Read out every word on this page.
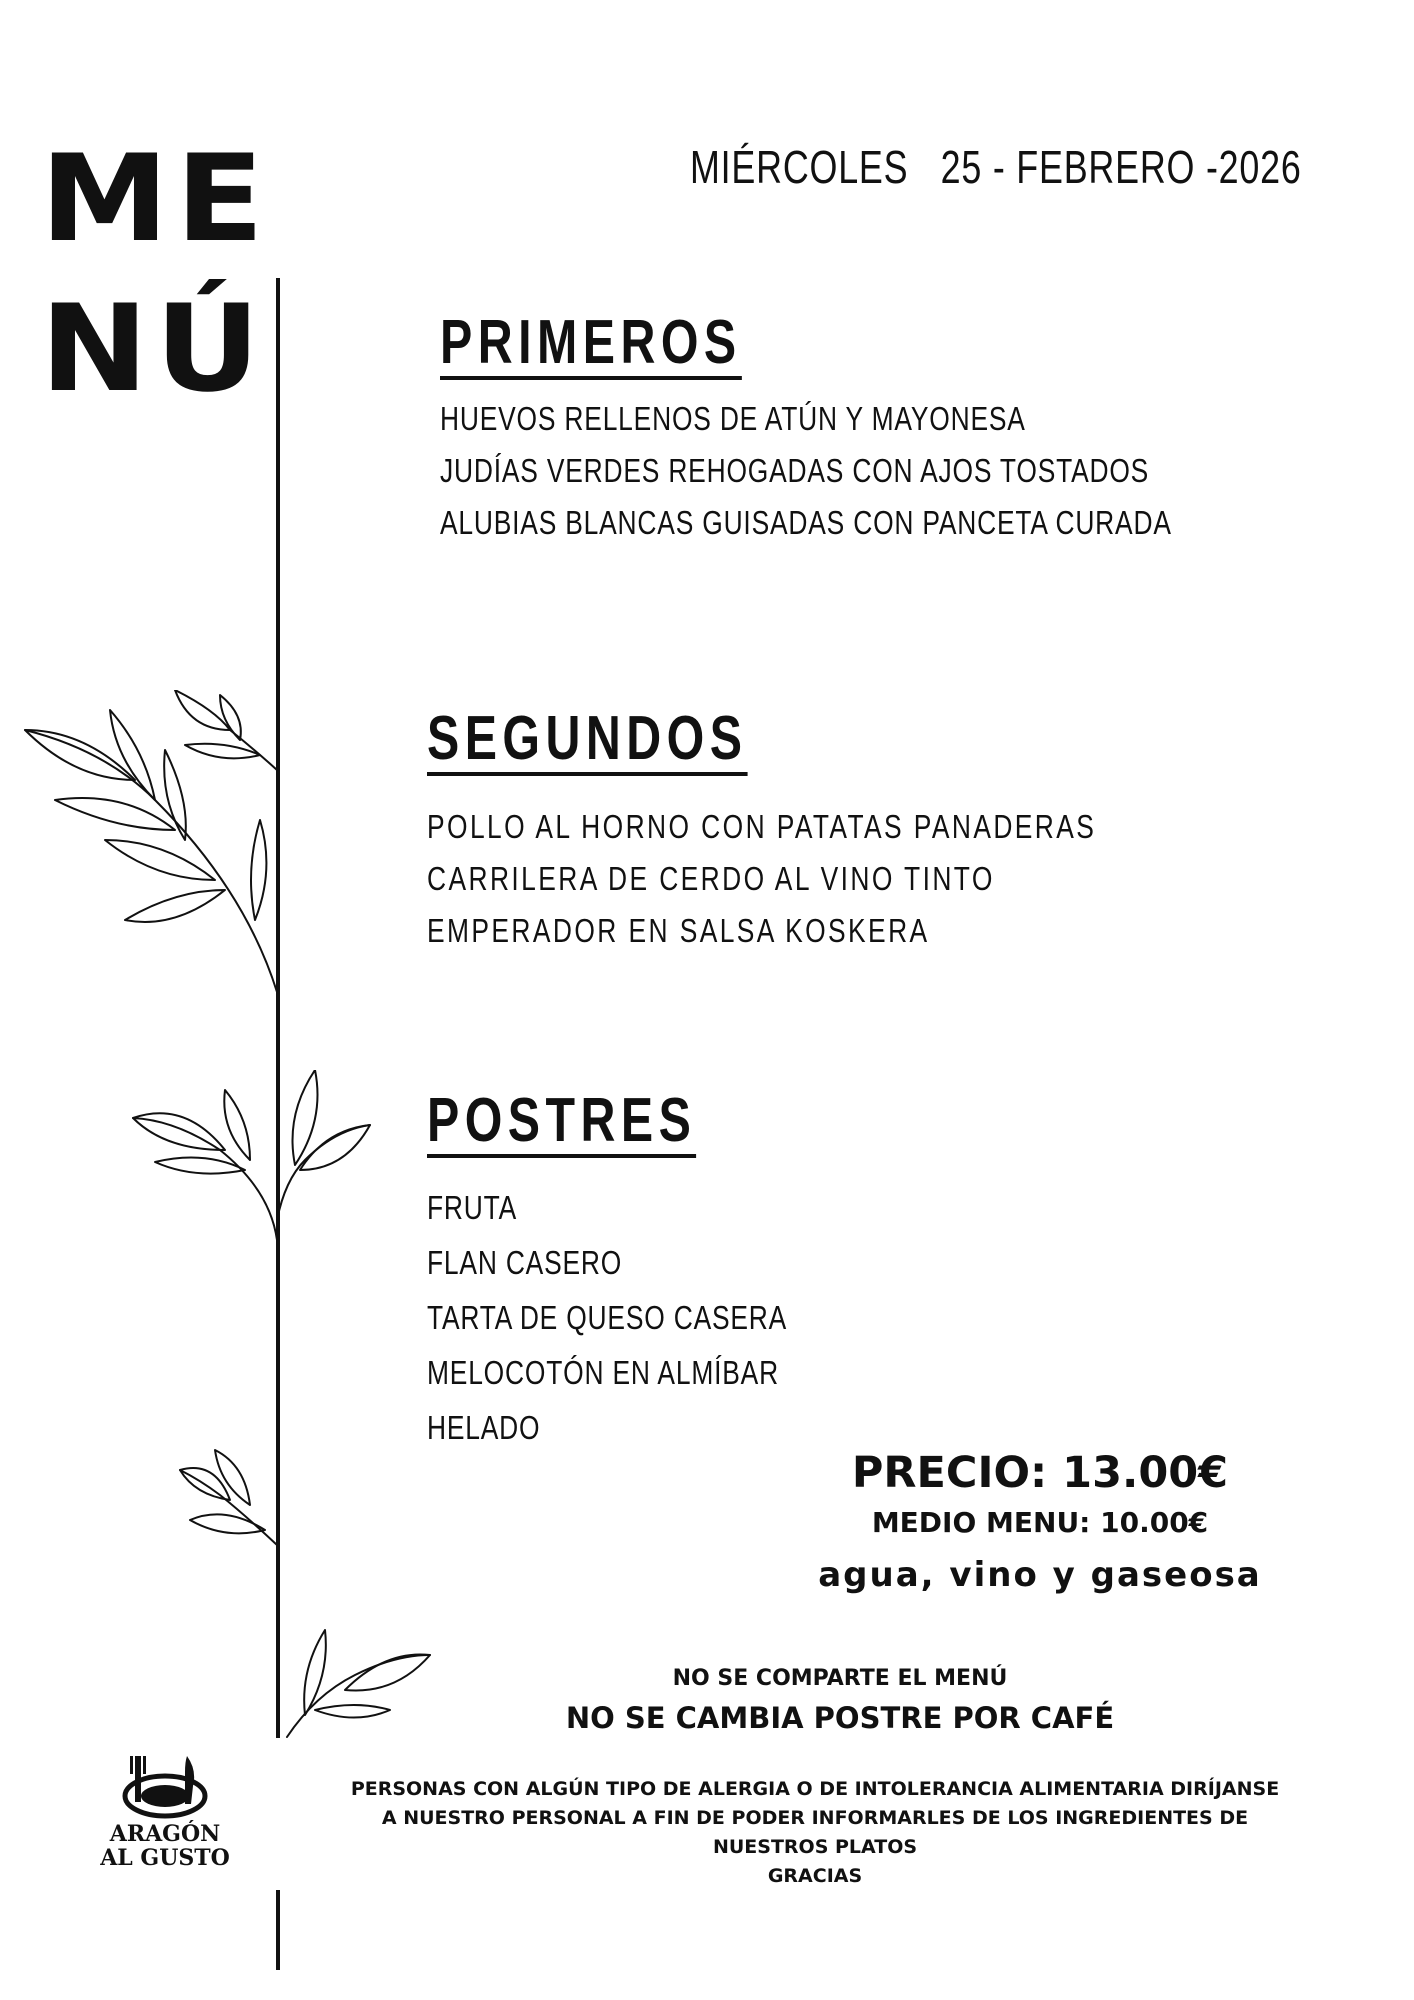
ME
NÚ
MIÉRCOLES 25 - FEBRERO -2026
PRIMEROS
HUEVOS RELLENOS DE ATÚN Y MAYONESA
JUDÍAS VERDES REHOGADAS CON AJOS TOSTADOS
ALUBIAS BLANCAS GUISADAS CON PANCETA CURADA
SEGUNDOS
POLLO AL HORNO CON PATATAS PANADERAS
CARRILERA DE CERDO AL VINO TINTO
EMPERADOR EN SALSA KOSKERA
POSTRES
FRUTA
FLAN CASERO
TARTA DE QUESO CASERA
MELOCOTÓN EN ALMÍBAR
HELADO
PRECIO: 13.00€
MEDIO MENU: 10.00€
agua, vino y gaseosa
NO SE COMPARTE EL MENÚ
NO SE CAMBIA POSTRE POR CAFÉ
ARAGÓN
AL GUSTO
PERSONAS CON ALGÚN TIPO DE ALERGIA O DE INTOLERANCIA ALIMENTARIA DIRÍJANSE
A NUESTRO PERSONAL A FIN DE PODER INFORMARLES DE LOS INGREDIENTES DE
NUESTROS PLATOS
GRACIAS
